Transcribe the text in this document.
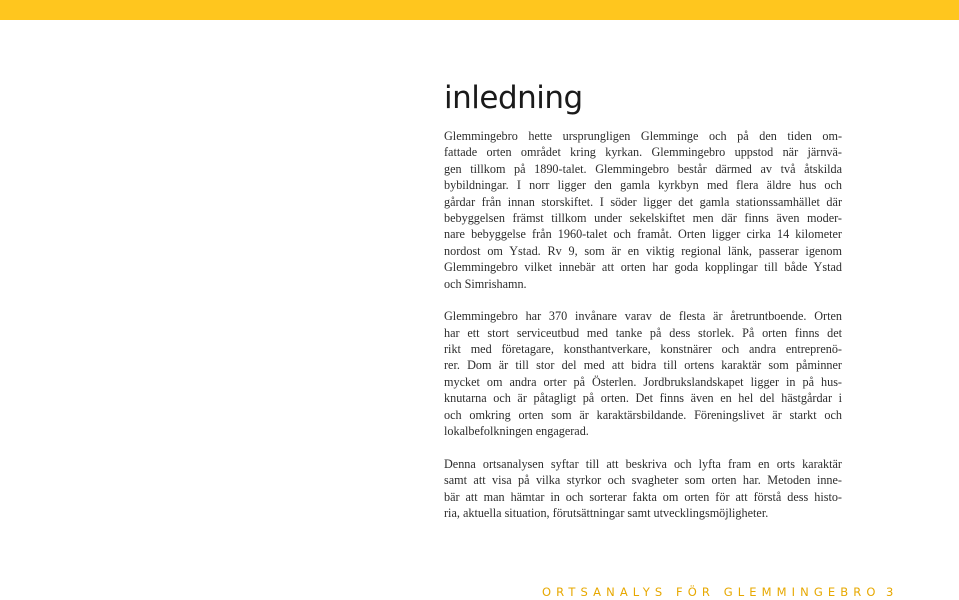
inledning
Glemmingebro hette ursprungligen Glemminge och på den tiden om-
fattade orten området kring kyrkan. Glemmingebro uppstod när järnvä-
gen tillkom på 1890-talet. Glemmingebro består därmed av två åtskilda
bybildningar. I norr ligger den gamla kyrkbyn med flera äldre hus och
gårdar från innan storskiftet. I söder ligger det gamla stationssamhället där
bebyggelsen främst tillkom under sekelskiftet men där finns även moder-
nare bebyggelse från 1960-talet och framåt. Orten ligger cirka 14 kilometer
nordost om Ystad. Rv 9, som är en viktig regional länk, passerar igenom
Glemmingebro vilket innebär att orten har goda kopplingar till både Ystad
och Simrishamn.
Glemmingebro har 370 invånare varav de flesta är åretruntboende. Orten
har ett stort serviceutbud med tanke på dess storlek. På orten finns det
rikt med företagare, konsthantverkare, konstnärer och andra entreprenö-
rer. Dom är till stor del med att bidra till ortens karaktär som påminner
mycket om andra orter på Österlen. Jordbrukslandskapet ligger in på hus-
knutarna och är påtagligt på orten. Det finns även en hel del hästgårdar i
och omkring orten som är karaktärsbildande. Föreningslivet är starkt och
lokalbefolkningen engagerad.
Denna ortsanalysen syftar till att beskriva och lyfta fram en orts karaktär
samt att visa på vilka styrkor och svagheter som orten har. Metoden inne-
bär att man hämtar in och sorterar fakta om orten för att förstå dess histo-
ria, aktuella situation, förutsättningar samt utvecklingsmöjligheter.
ORTSANALYS FÖR GLEMMINGEBRO 3
